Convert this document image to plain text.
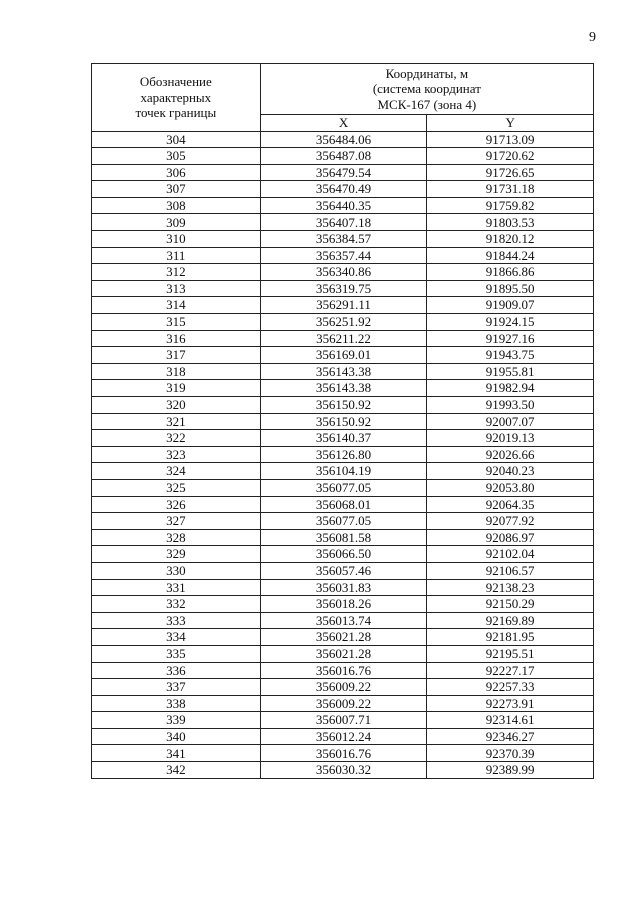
9
Обозначение
характерных
точек границы	Координаты, м
(система координат
МСК-167 (зона 4)	

	X	Y
304	356484.06	91713.09
305	356487.08	91720.62
306	356479.54	91726.65
307	356470.49	91731.18
308	356440.35	91759.82
309	356407.18	91803.53
310	356384.57	91820.12
311	356357.44	91844.24
312	356340.86	91866.86
313	356319.75	91895.50
314	356291.11	91909.07
315	356251.92	91924.15
316	356211.22	91927.16
317	356169.01	91943.75
318	356143.38	91955.81
319	356143.38	91982.94
320	356150.92	91993.50
321	356150.92	92007.07
322	356140.37	92019.13
323	356126.80	92026.66
324	356104.19	92040.23
325	356077.05	92053.80
326	356068.01	92064.35
327	356077.05	92077.92
328	356081.58	92086.97
329	356066.50	92102.04
330	356057.46	92106.57
331	356031.83	92138.23
332	356018.26	92150.29
333	356013.74	92169.89
334	356021.28	92181.95
335	356021.28	92195.51
336	356016.76	92227.17
337	356009.22	92257.33
338	356009.22	92273.91
339	356007.71	92314.61
340	356012.24	92346.27
341	356016.76	92370.39
342	356030.32	92389.99
